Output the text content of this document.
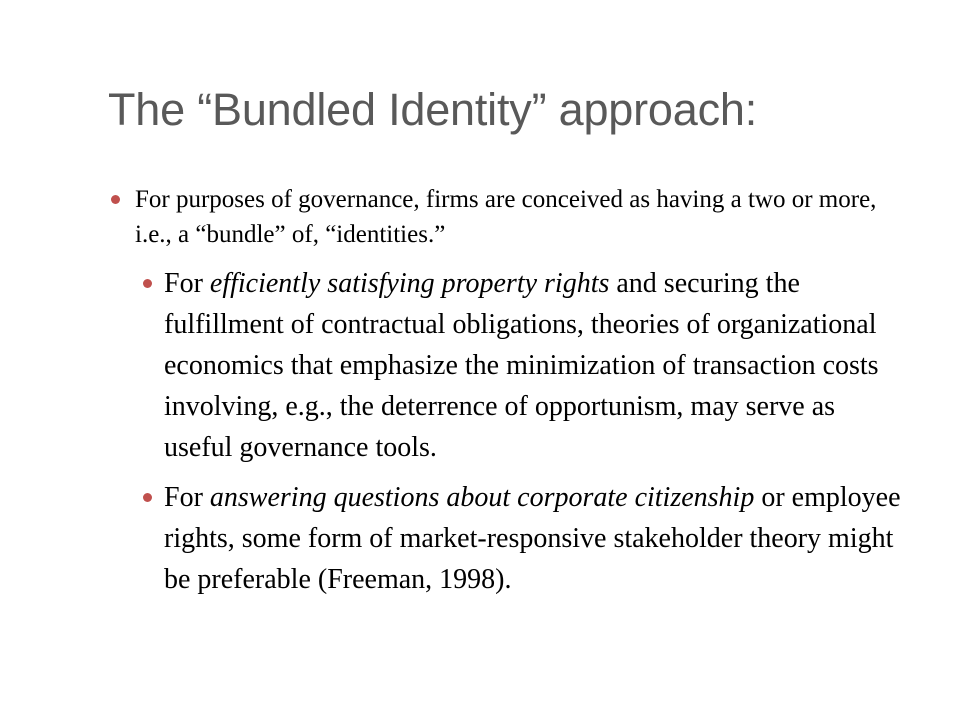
The “Bundled Identity” approach:
For purposes of governance, firms are conceived as having a two or more, i.e., a “bundle” of, “identities.”
For efficiently satisfying property rights and securing the fulfillment of contractual obligations, theories of organizational economics that emphasize the minimization of transaction costs involving, e.g., the deterrence of opportunism, may serve as useful governance tools.
For answering questions about corporate citizenship or employee rights, some form of market-responsive stakeholder theory might be preferable (Freeman, 1998).
